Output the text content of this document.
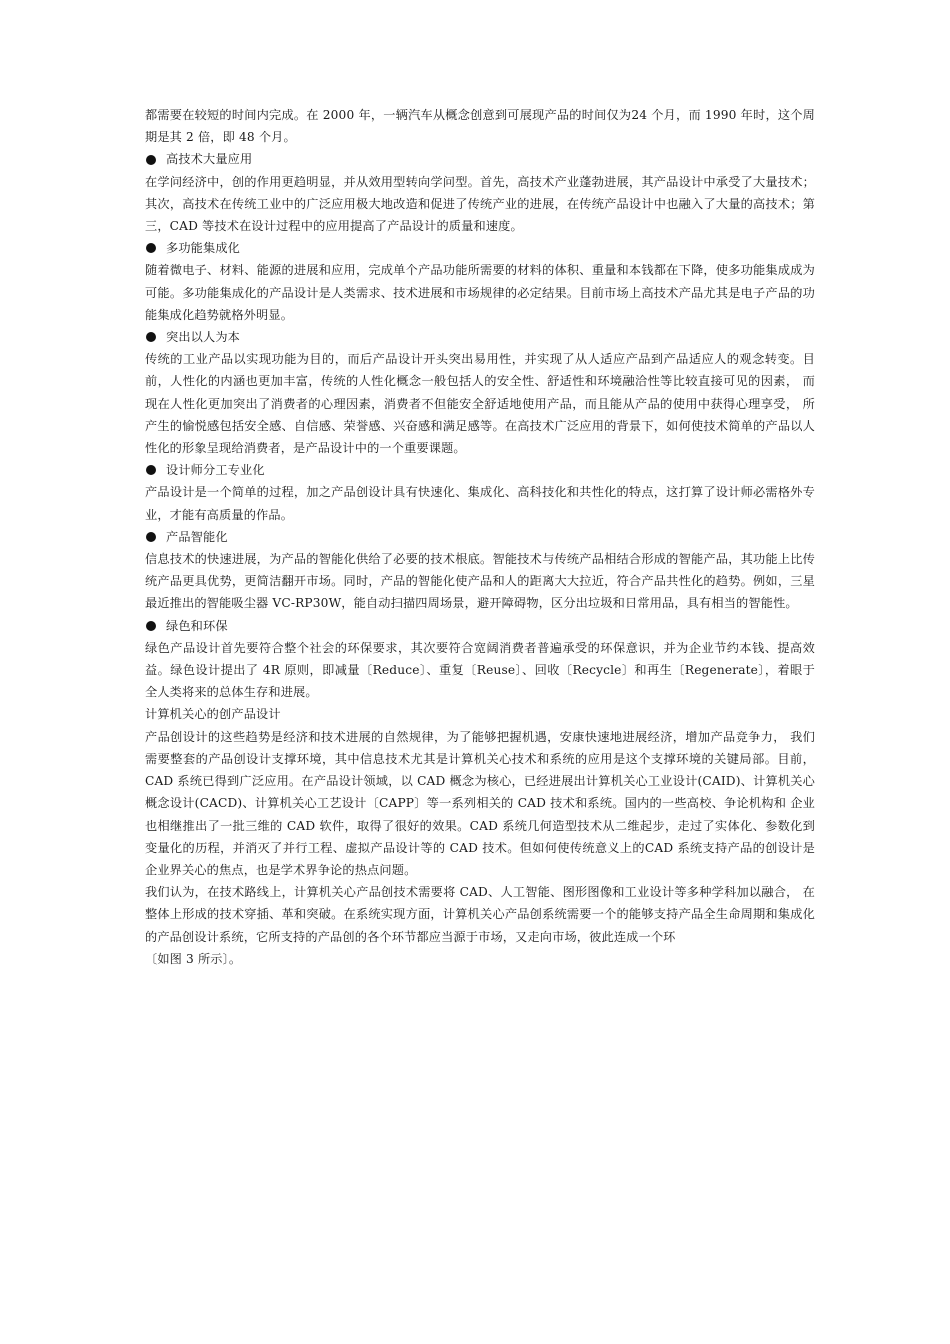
都需要在较短的时间内完成。在 2000 年，一辆汽车从概念创意到可展现产品的时间仅为24 个月，而 1990 年时，这个周期是其 2 倍，即 48 个月。

高技术大量应用

在学问经济中，创的作用更趋明显，并从效用型转向学问型。首先，高技术产业蓬勃进展，其产品设计中承受了大量技术；其次，高技术在传统工业中的广泛应用极大地改造和促进了传统产业的进展，在传统产品设计中也融入了大量的高技术；第三，CAD 等技术在设计过程中的应用提高了产品设计的质量和速度。

多功能集成化

随着微电子、材料、能源的进展和应用，完成单个产品功能所需要的材料的体积、重量和本钱都在下降，使多功能集成成为可能。多功能集成化的产品设计是人类需求、技术进展和市场规律的必定结果。目前市场上高技术产品尤其是电子产品的功能集成化趋势就格外明显。

突出以人为本

传统的工业产品以实现功能为目的，而后产品设计开头突出易用性，并实现了从人适应产品到产品适应人的观念转变。目前，人性化的内涵也更加丰富，传统的人性化概念一般包括人的安全性、舒适性和环境融洽性等比较直接可见的因素， 而现在人性化更加突出了消费者的心理因素，消费者不但能安全舒适地使用产品，而且能从产品的使用中获得心理享受， 所产生的愉悦感包括安全感、自信感、荣誉感、兴奋感和满足感等。在高技术广泛应用的背景下，如何使技术简单的产品以人性化的形象呈现给消费者，是产品设计中的一个重要课题。

设计师分工专业化

产品设计是一个简单的过程，加之产品创设计具有快速化、集成化、高科技化和共性化的特点，这打算了设计师必需格外专业，才能有高质量的作品。

产品智能化

信息技术的快速进展，为产品的智能化供给了必要的技术根底。智能技术与传统产品相结合形成的智能产品，其功能上比传统产品更具优势，更简洁翻开市场。同时，产品的智能化使产品和人的距离大大拉近，符合产品共性化的趋势。例如，三星最近推出的智能吸尘器 VC-RP30W，能自动扫描四周场景，避开障碍物，区分出垃圾和日常用品，具有相当的智能性。

绿色和环保

绿色产品设计首先要符合整个社会的环保要求，其次要符合宽阔消费者普遍承受的环保意识，并为企业节约本钱、提高效益。绿色设计提出了 4R 原则，即减量〔Reduce〕、重复〔Reuse〕、回收〔Recycle〕和再生〔Regenerate〕，着眼于全人类将来的总体生存和进展。

计算机关心的创产品设计

产品创设计的这些趋势是经济和技术进展的自然规律，为了能够把握机遇，安康快速地进展经济，增加产品竞争力， 我们需要整套的产品创设计支撑环境，其中信息技术尤其是计算机关心技术和系统的应用是这个支撑环境的关键局部。目前，CAD 系统已得到广泛应用。在产品设计领域，以 CAD 概念为核心，已经进展出计算机关心工业设计(CAID)、计算机关心概念设计(CACD)、计算机关心工艺设计〔CAPP〕等一系列相关的 CAD 技术和系统。国内的一些高校、争论机构和 企业也相继推出了一批三维的 CAD 软件，取得了很好的效果。CAD 系统几何造型技术从二维起步，走过了实体化、参数化到变量化的历程，并消灭了并行工程、虚拟产品设计等的 CAD 技术。但如何使传统意义上的CAD 系统支持产品的创设计是企业界关心的焦点，也是学术界争论的热点问题。

我们认为，在技术路线上，计算机关心产品创技术需要将 CAD、人工智能、图形图像和工业设计等多种学科加以融合， 在整体上形成的技术穿插、革和突破。在系统实现方面，计算机关心产品创系统需要一个的能够支持产品全生命周期和集成化的产品创设计系统，它所支持的产品创的各个环节都应当源于市场，又走向市场，彼此连成一个环

〔如图 3 所示〕。
